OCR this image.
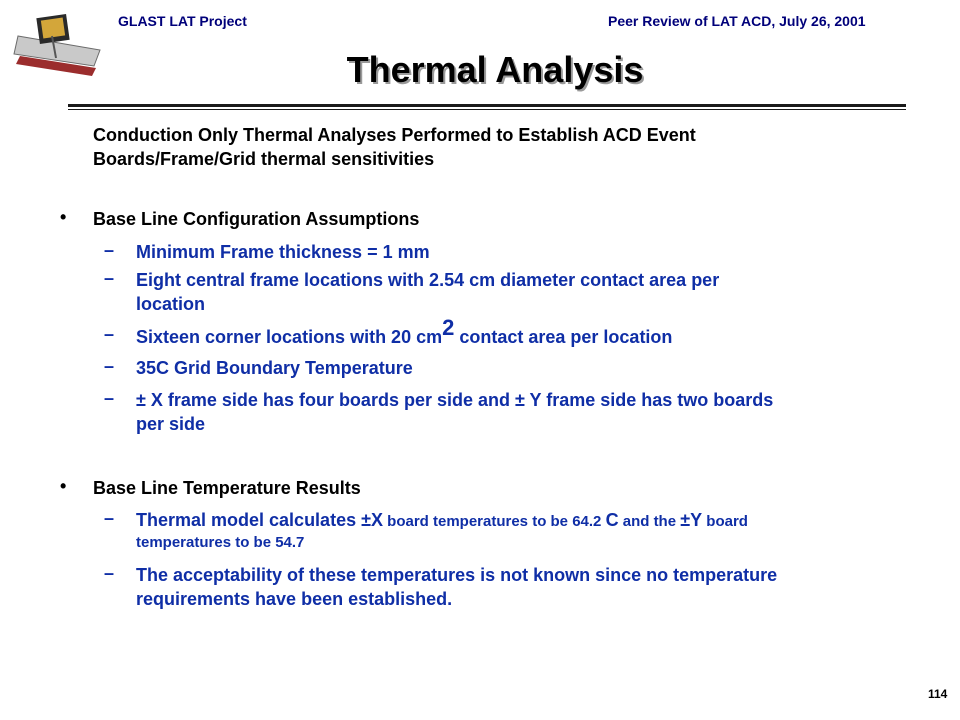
GLAST LAT Project	Peer Review of LAT ACD, July 26, 2001
Thermal Analysis
Conduction Only Thermal Analyses Performed to Establish ACD Event
Boards/Frame/Grid thermal sensitivities
• Base Line Configuration Assumptions
– Minimum Frame thickness = 1 mm
– Eight central frame locations with 2.54 cm diameter contact area per
location
– Sixteen corner locations with 20 cm2 contact area per location
– 35C Grid Boundary Temperature
– ± X frame side has four boards per side and ± Y frame side has two boards
per side
• Base Line Temperature Results
– Thermal model calculates ±X board temperatures to be 64.2 C and the ±Y board
temperatures to be 54.7
– The acceptability of these temperatures is not known since no temperature
requirements have been established.
114
